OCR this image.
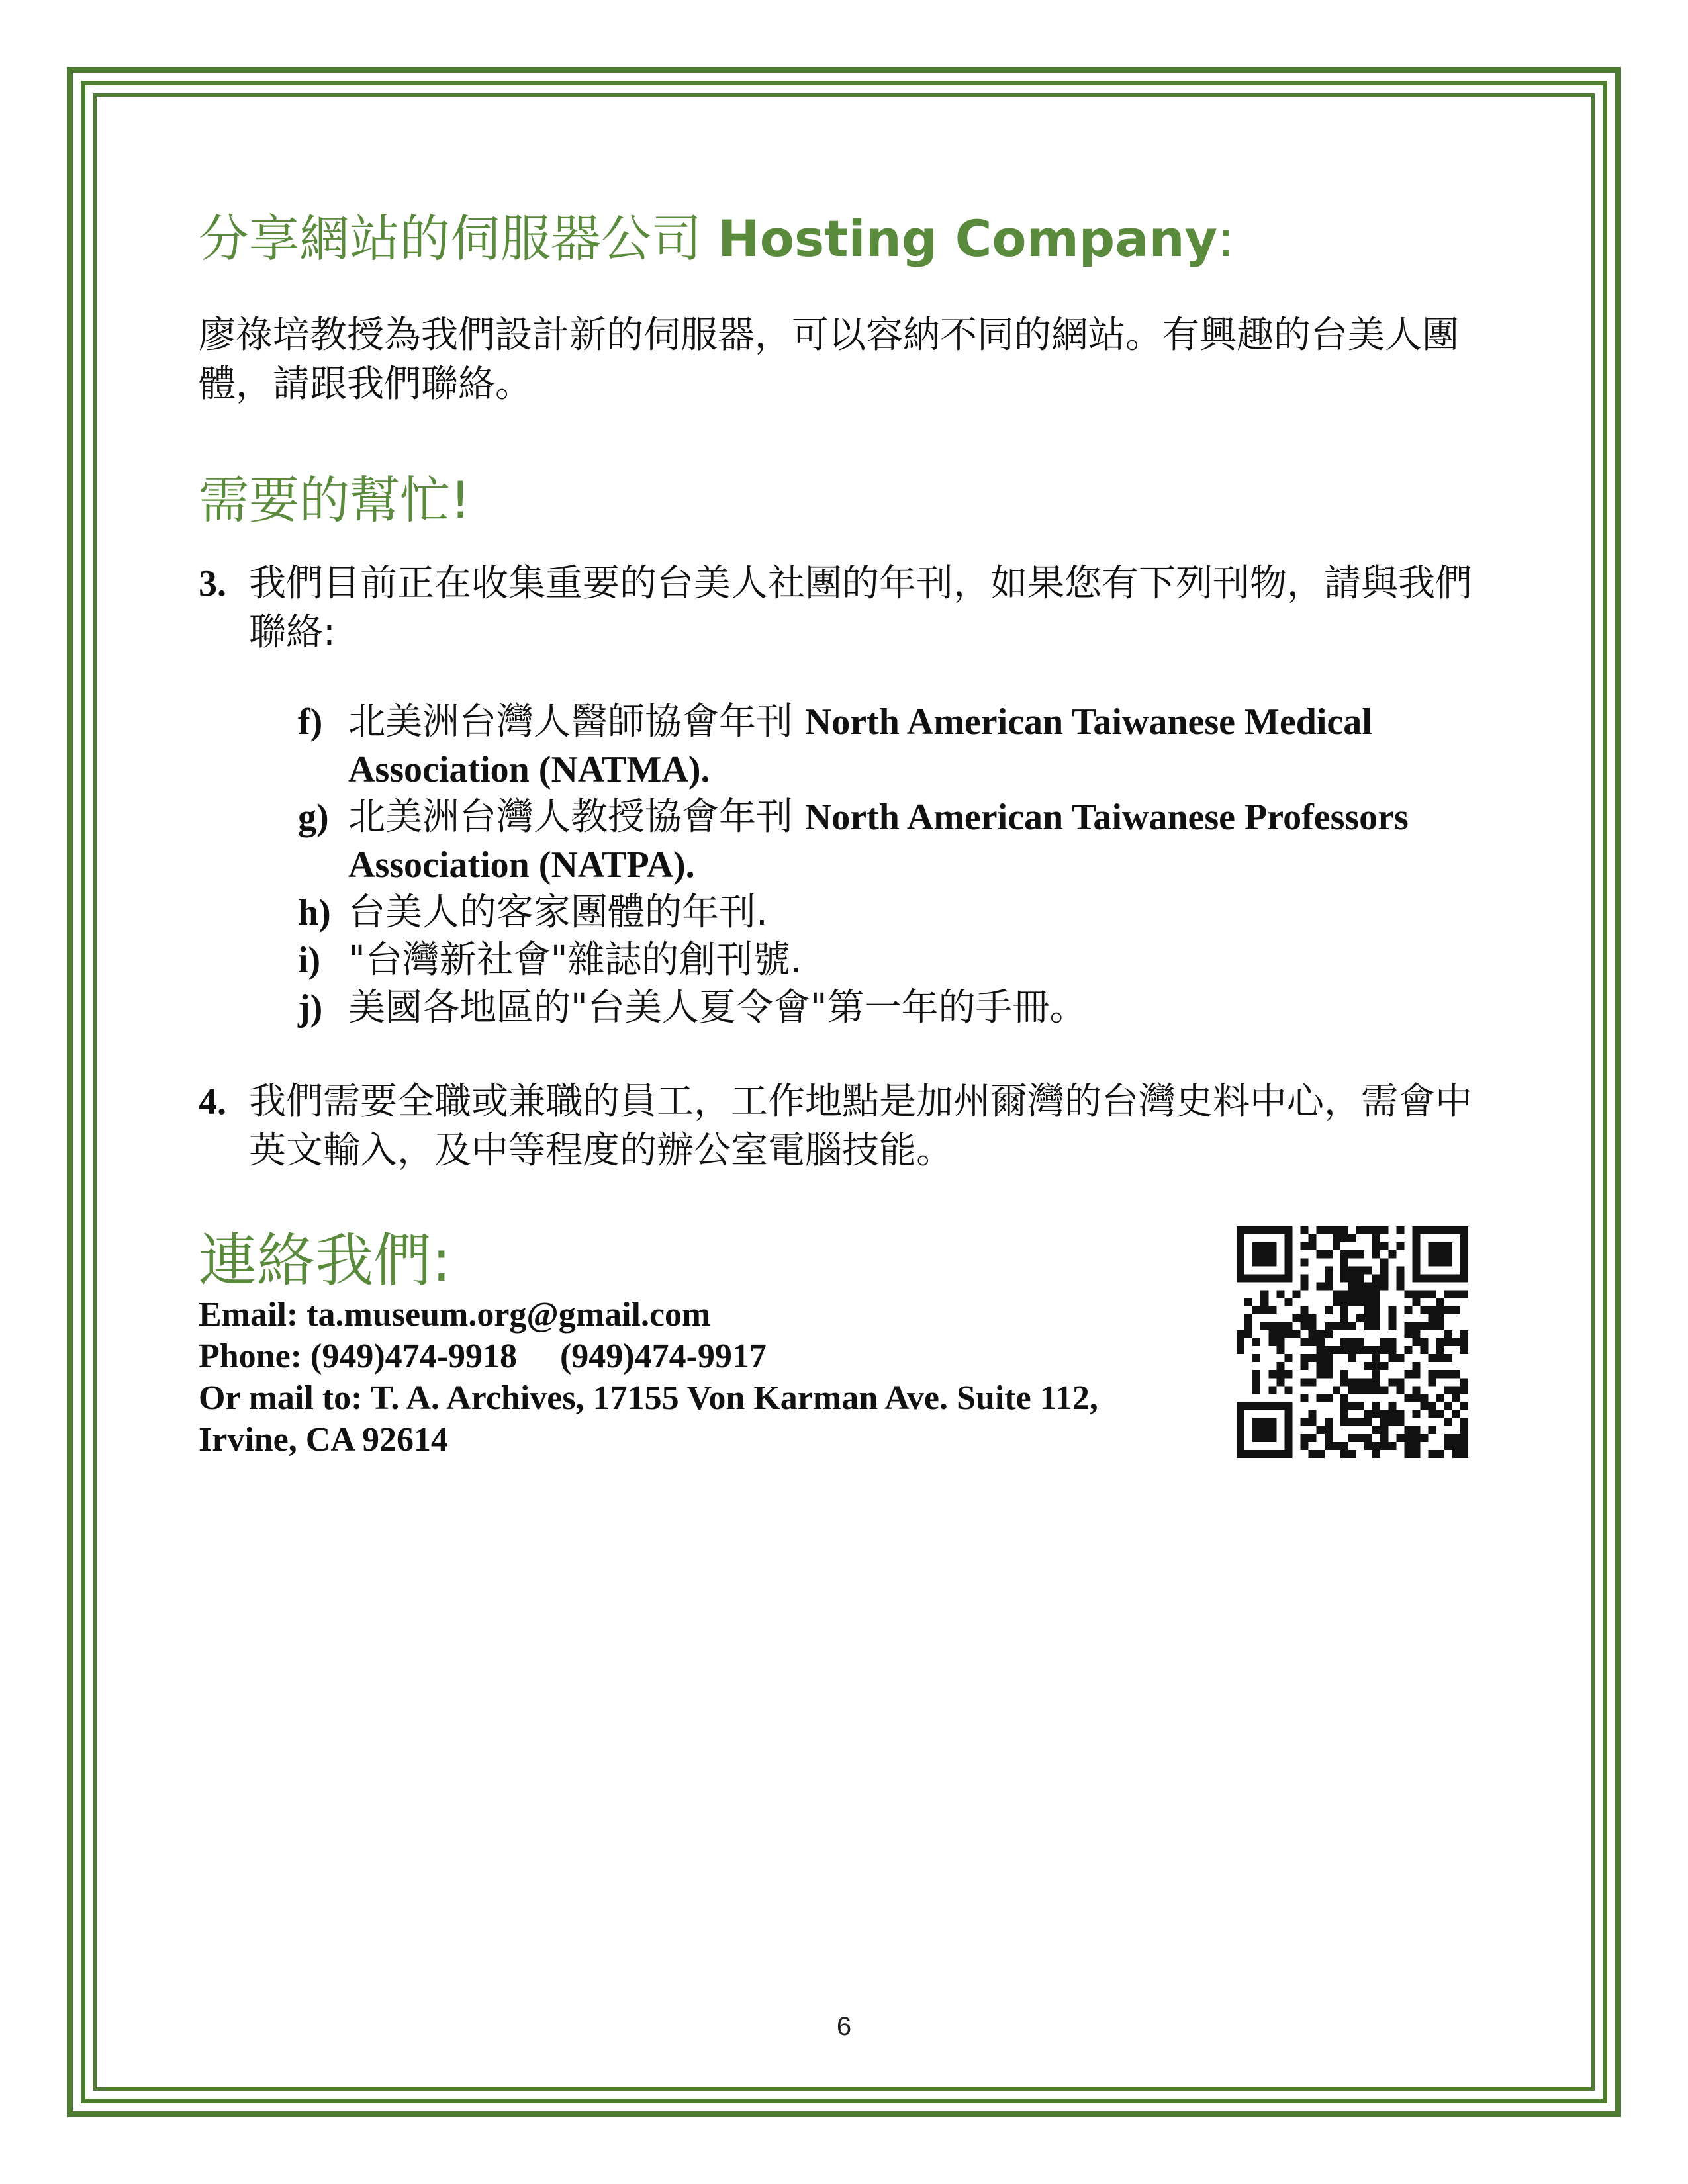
分享網站的伺服器公司 Hosting Company:
廖祿培教授為我們設計新的伺服器，可以容納不同的網站。有興趣的台美人團體，請跟我們聯絡。
需要的幫忙!
3. 我們目前正在收集重要的台美人社團的年刊，如果您有下列刊物，請與我們聯絡:
f) 北美洲台灣人醫師協會年刊 North American Taiwanese Medical Association (NATMA).
g) 北美洲台灣人教授協會年刊 North American Taiwanese Professors Association (NATPA).
h) 台美人的客家團體的年刊.
i) "台灣新社會"雜誌的創刊號.
j) 美國各地區的"台美人夏令會"第一年的手冊。
4. 我們需要全職或兼職的員工，工作地點是加州爾灣的台灣史料中心，需會中英文輸入，及中等程度的辦公室電腦技能。
連絡我們:
Email: ta.museum.org@gmail.com
Phone: (949)474-9918     (949)474-9917
Or mail to: T. A. Archives, 17155 Von Karman Ave. Suite 112,
Irvine, CA 92614
6
